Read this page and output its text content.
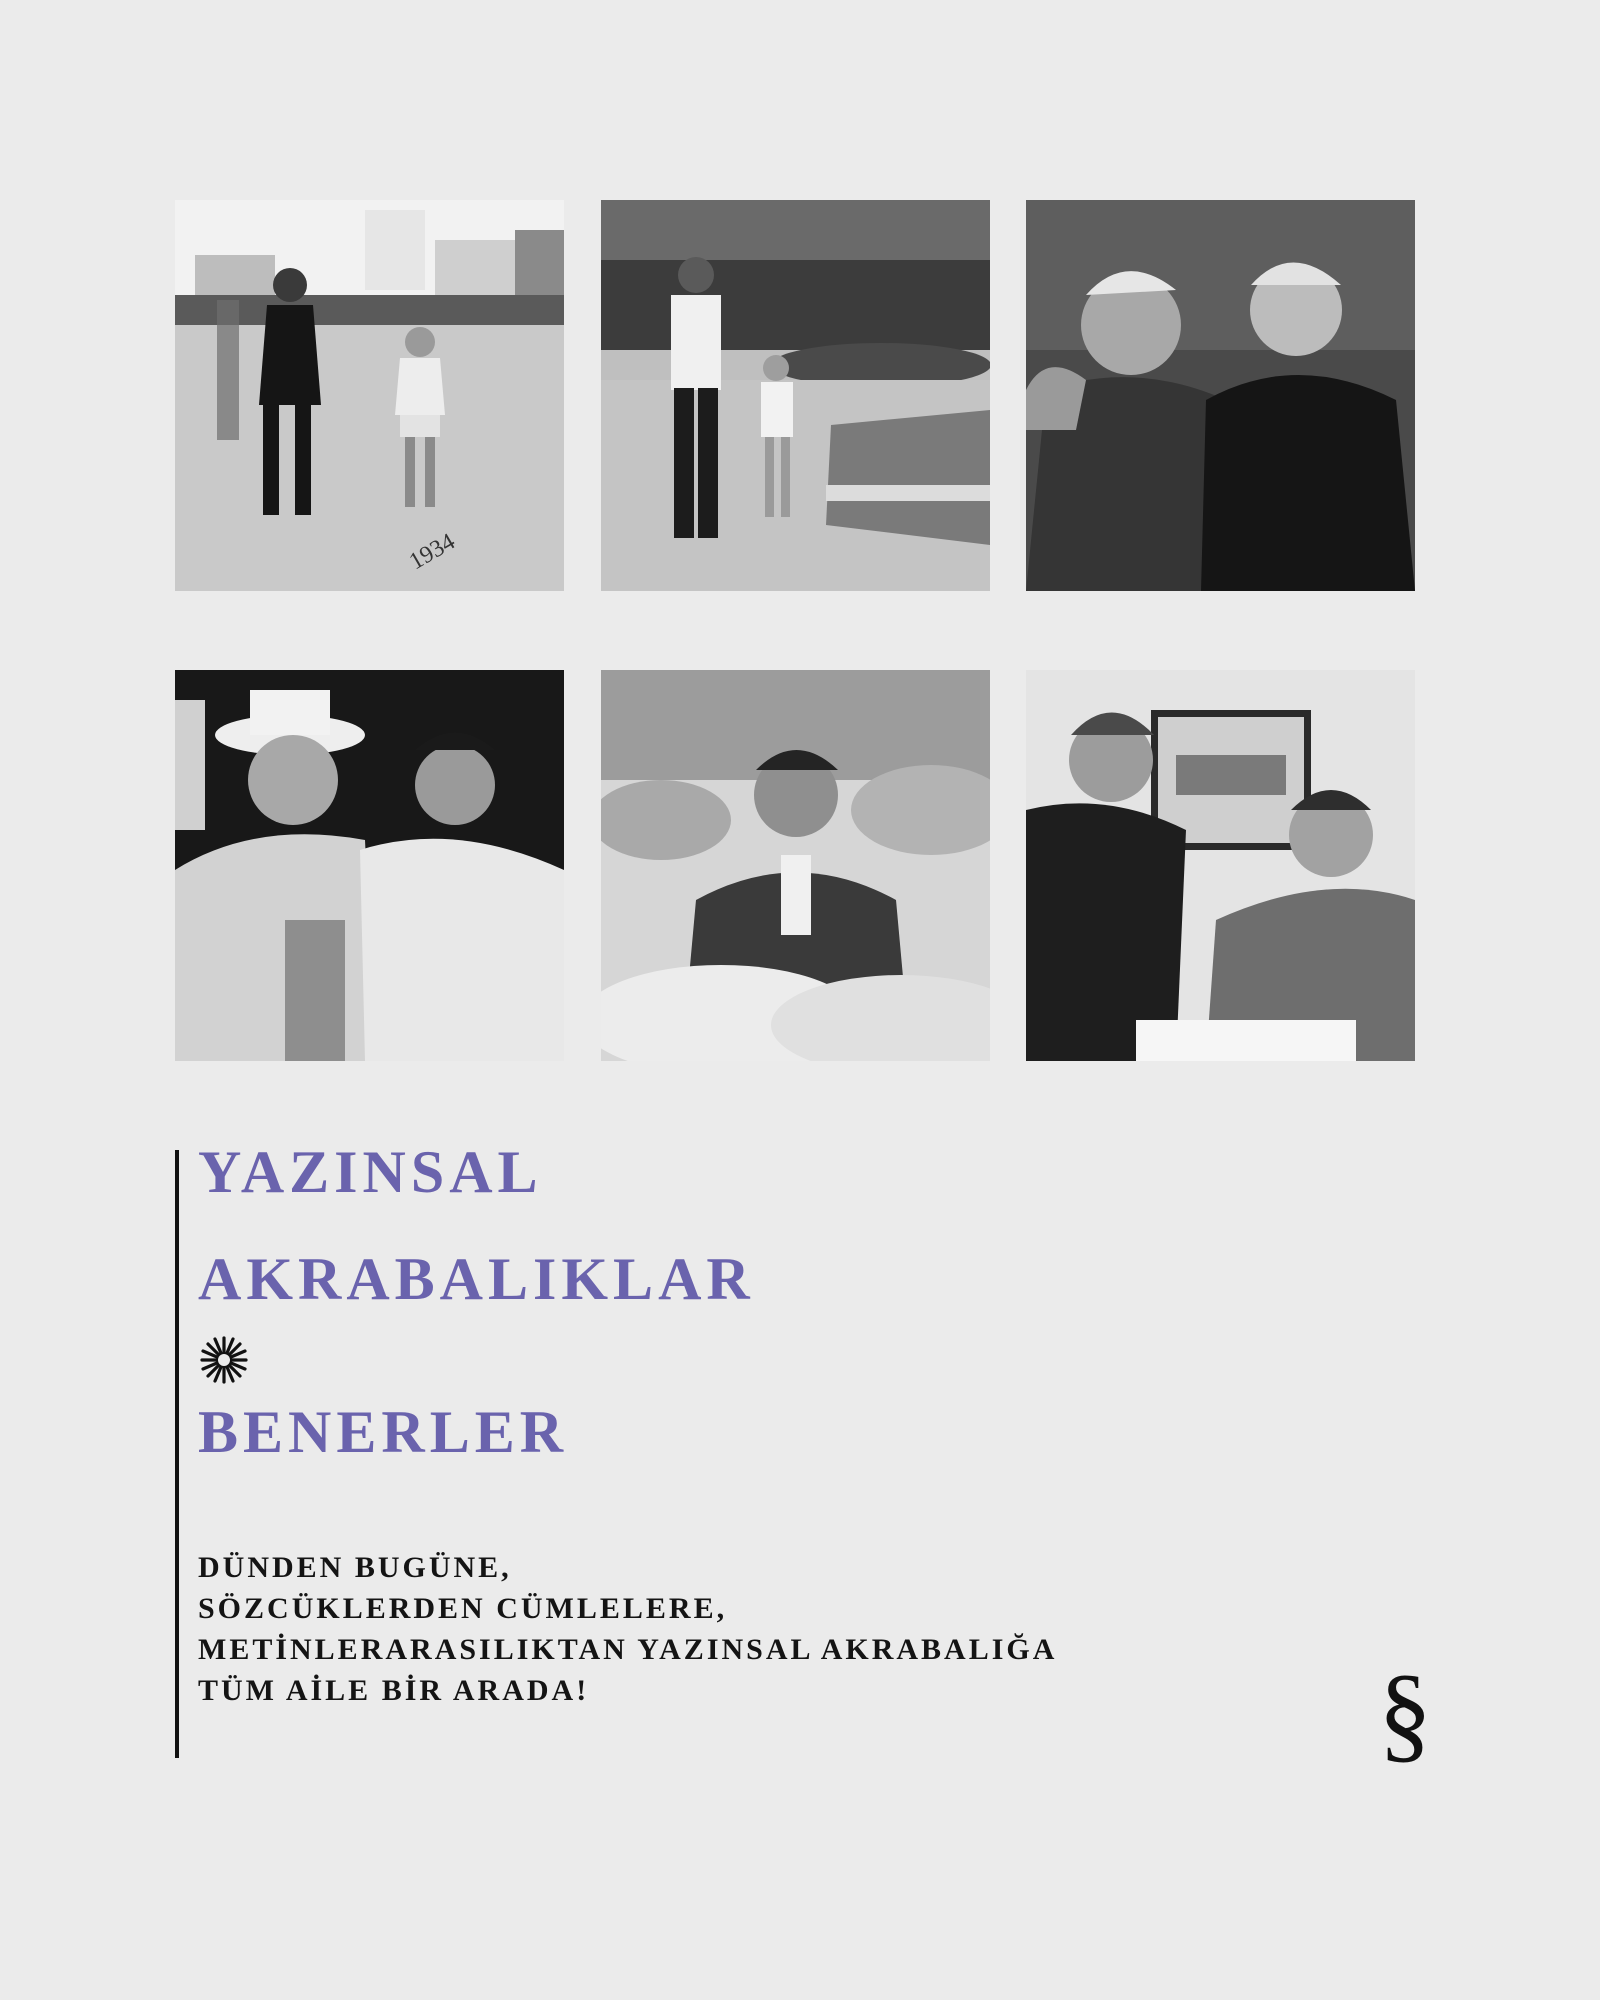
1934
YAZINSAL
AKRABALIKLAR
BENERLER
DÜNDEN BUGÜNE,
SÖZCÜKLERDEN CÜMLELERE,
METİNLERARASILIKTAN YAZINSAL AKRABALIĞA
TÜM AİLE BİR ARADA!	§
